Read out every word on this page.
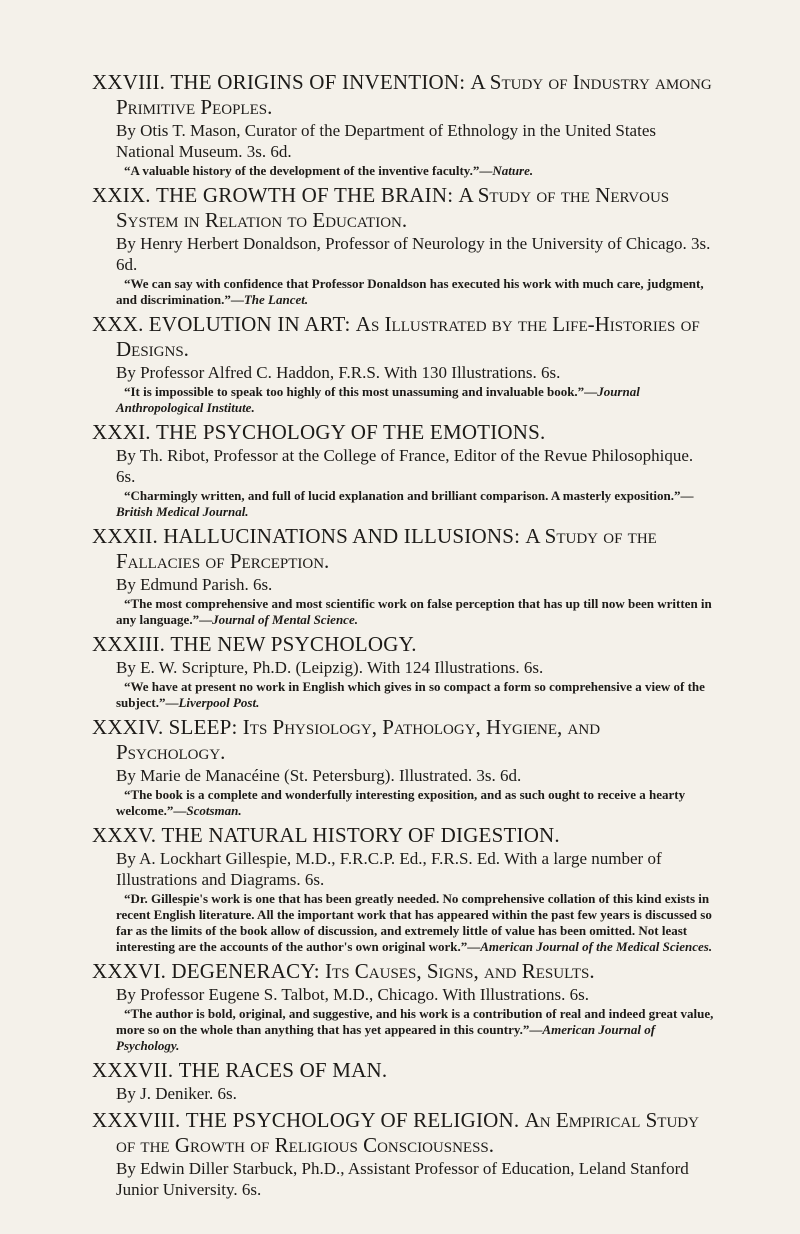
XXVIII. THE ORIGINS OF INVENTION: A Study of Industry among Primitive Peoples.
By Otis T. Mason, Curator of the Department of Ethnology in the United States National Museum. 3s. 6d.
“A valuable history of the development of the inventive faculty.”—Nature.
XXIX. THE GROWTH OF THE BRAIN: A Study of the Nervous System in Relation to Education.
By Henry Herbert Donaldson, Professor of Neurology in the University of Chicago. 3s. 6d.
“We can say with confidence that Professor Donaldson has executed his work with much care, judgment, and discrimination.”—The Lancet.
XXX. EVOLUTION IN ART: As Illustrated by the Life-Histories of Designs.
By Professor Alfred C. Haddon, F.R.S. With 130 Illustrations. 6s.
“It is impossible to speak too highly of this most unassuming and invaluable book.”—Journal Anthropological Institute.
XXXI. THE PSYCHOLOGY OF THE EMOTIONS.
By Th. Ribot, Professor at the College of France, Editor of the Revue Philosophique. 6s.
“Charmingly written, and full of lucid explanation and brilliant comparison. A masterly exposition.”—British Medical Journal.
XXXII. HALLUCINATIONS AND ILLUSIONS: A Study of the Fallacies of Perception.
By Edmund Parish. 6s.
“The most comprehensive and most scientific work on false perception that has up till now been written in any language.”—Journal of Mental Science.
XXXIII. THE NEW PSYCHOLOGY.
By E. W. Scripture, Ph.D. (Leipzig). With 124 Illustrations. 6s.
“We have at present no work in English which gives in so compact a form so comprehensive a view of the subject.”—Liverpool Post.
XXXIV. SLEEP: Its Physiology, Pathology, Hygiene, and Psychology.
By Marie de Manacéine (St. Petersburg). Illustrated. 3s. 6d.
“The book is a complete and wonderfully interesting exposition, and as such ought to receive a hearty welcome.”—Scotsman.
XXXV. THE NATURAL HISTORY OF DIGESTION.
By A. Lockhart Gillespie, M.D., F.R.C.P. Ed., F.R.S. Ed. With a large number of Illustrations and Diagrams. 6s.
“Dr. Gillespie's work is one that has been greatly needed. No comprehensive collation of this kind exists in recent English literature. All the important work that has appeared within the past few years is discussed so far as the limits of the book allow of discussion, and extremely little of value has been omitted. Not least interesting are the accounts of the author's own original work.”—American Journal of the Medical Sciences.
XXXVI. DEGENERACY: Its Causes, Signs, and Results.
By Professor Eugene S. Talbot, M.D., Chicago. With Illustrations. 6s.
“The author is bold, original, and suggestive, and his work is a contribution of real and indeed great value, more so on the whole than anything that has yet appeared in this country.”—American Journal of Psychology.
XXXVII. THE RACES OF MAN.
By J. Deniker. 6s.
XXXVIII. THE PSYCHOLOGY OF RELIGION. An Empirical Study of the Growth of Religious Consciousness.
By Edwin Diller Starbuck, Ph.D., Assistant Professor of Education, Leland Stanford Junior University. 6s.
